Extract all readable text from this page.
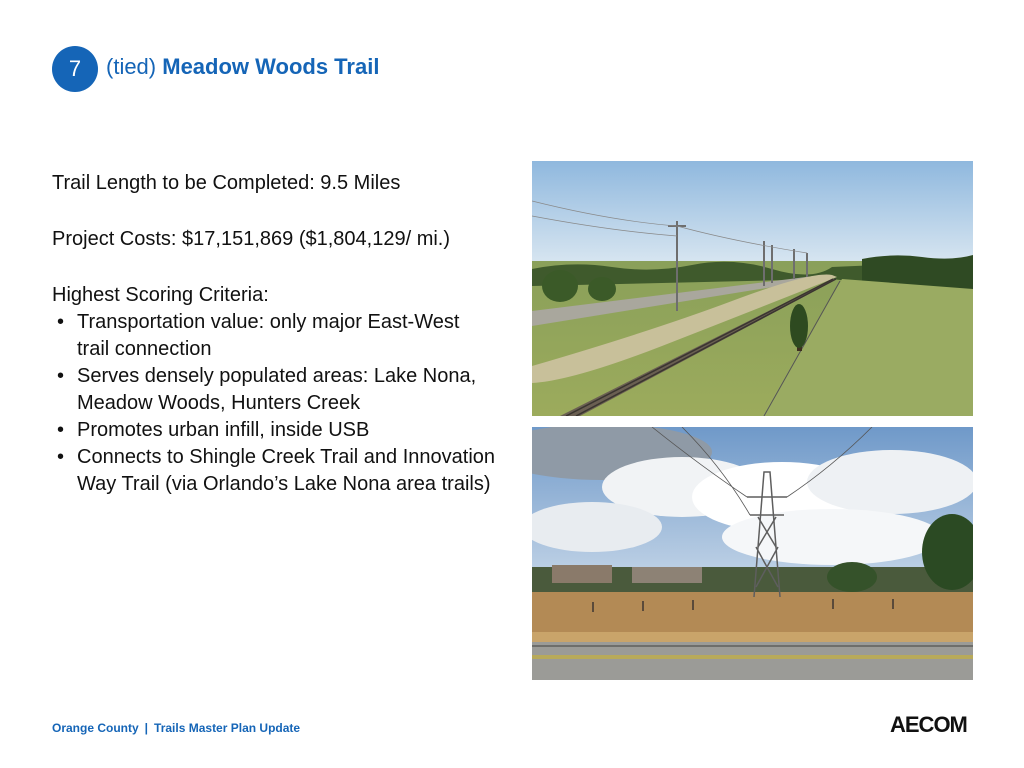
7	(tied) Meadow Woods Trail

Trail Length to be Completed: 9.5 Miles

Project Costs: $17,151,869 ($1,804,129/ mi.)

Highest Scoring Criteria:

• Transportation value: only major East-West trail connection
• Serves densely populated areas: Lake Nona, Meadow Woods, Hunters Creek
• Promotes urban infill, inside USB
• Connects to Shingle Creek Trail and Innovation Way Trail (via Orlando’s Lake Nona area trails)
Orange County | Trails Master Plan Update	AECOM
